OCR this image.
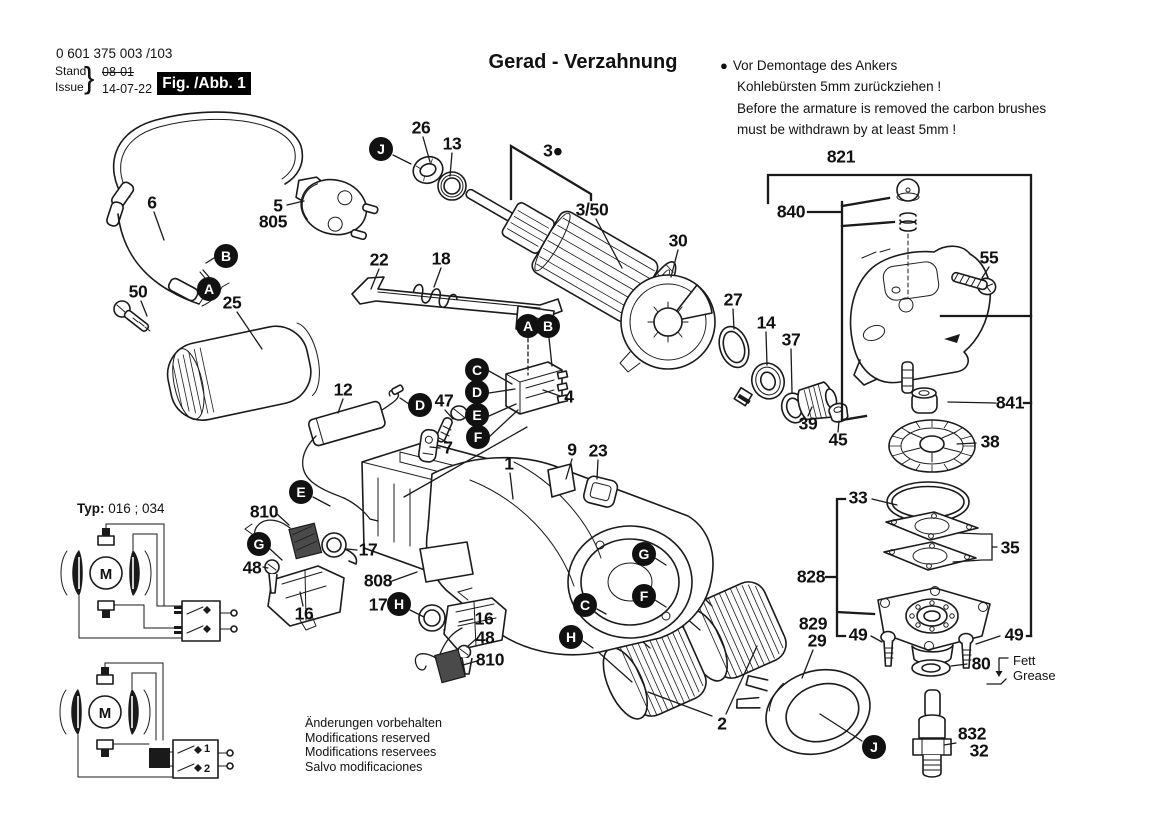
M
M
1
2
0 601 375 003 /103
Stand
Issue } 08-01
14-07-22 Fig. /Abb. 1
Gerad - Verzahnung	● Vor Demontage des Ankers
Kohlebürsten 5mm zurückziehen !
Before the armature is removed the carbon brushes
must be withdrawn by at least 5mm !
Typ: 016 ; 034
Fett
Grease
Änderungen vorbehalten
Modifications reserved
Modifications reservees
Salvo modificaciones
26
13	3●
3/50
30
27
14
37
39
45
821
840
55
841
38
33
35
828
829
29 49	49
80
832
32
2
22 18
25
50
6	5
805
4
12
47
7
1
9 23
810
17
48
16
808
17
16
48
810
J
B
A
A B
C
D
E
F
D
E
G
H
G
F
C
H
J
